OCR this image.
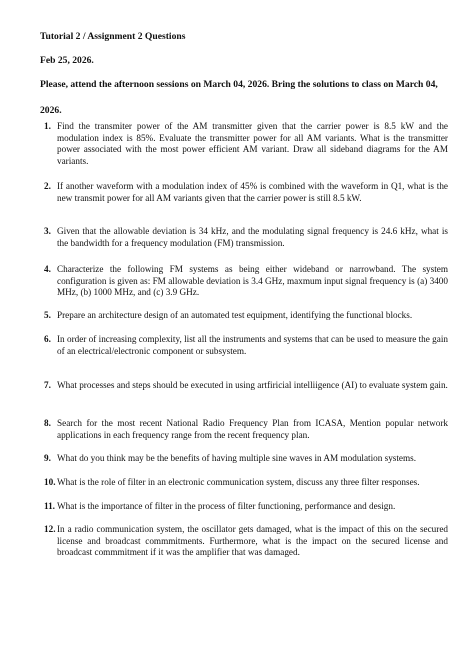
Tutorial 2 / Assignment 2 Questions
Feb 25, 2026.
Please, attend the afternoon sessions on March 04, 2026. Bring the solutions to class on March 04,
2026.
1. Find the transmiter power of the AM transmitter given that the carrier power is 8.5 kW and the modulation index is 85%. Evaluate the transmitter power for all AM variants. What is the transmitter power associated with the most power efficient AM variant. Draw all sideband diagrams for the AM variants.
2. If another waveform with a modulation index of 45% is combined with the waveform in Q1, what is the new transmit power for all AM variants given that the carrier power is still 8.5 kW.
3. Given that the allowable deviation is 34 kHz, and the modulating signal frequency is 24.6 kHz, what is the bandwidth for a frequency modulation (FM) transmission.
4. Characterize the following FM systems as being either wideband or narrowband. The system configuration is given as: FM allowable deviation is 3.4 GHz, maxmum input signal frequency is (a) 3400 MHz, (b) 1000 MHz, and (c) 3.9 GHz.
5. Prepare an architecture design of an automated test equipment, identifying the functional blocks.
6. In order of increasing complexity, list all the instruments and systems that can be used to measure the gain of an electrical/electronic component or subsystem.
7. What processes and steps should be executed in using artfiricial intelliigence (AI) to evaluate system gain.
8. Search for the most recent National Radio Frequency Plan from ICASA, Mention popular network applications in each frequency range from the recent frequency plan.
9. What do you think may be the benefits of having multiple sine waves in AM modulation systems.
10. What is the role of filter in an electronic communication system, discuss any three filter responses.
11. What is the importance of filter in the process of filter functioning, performance and design.
12. In a radio communication system, the oscillator gets damaged, what is the impact of this on the secured license and broadcast commmitments. Furthermore, what is the impact on the secured license and broadcast commmitment if it was the amplifier that was damaged.
